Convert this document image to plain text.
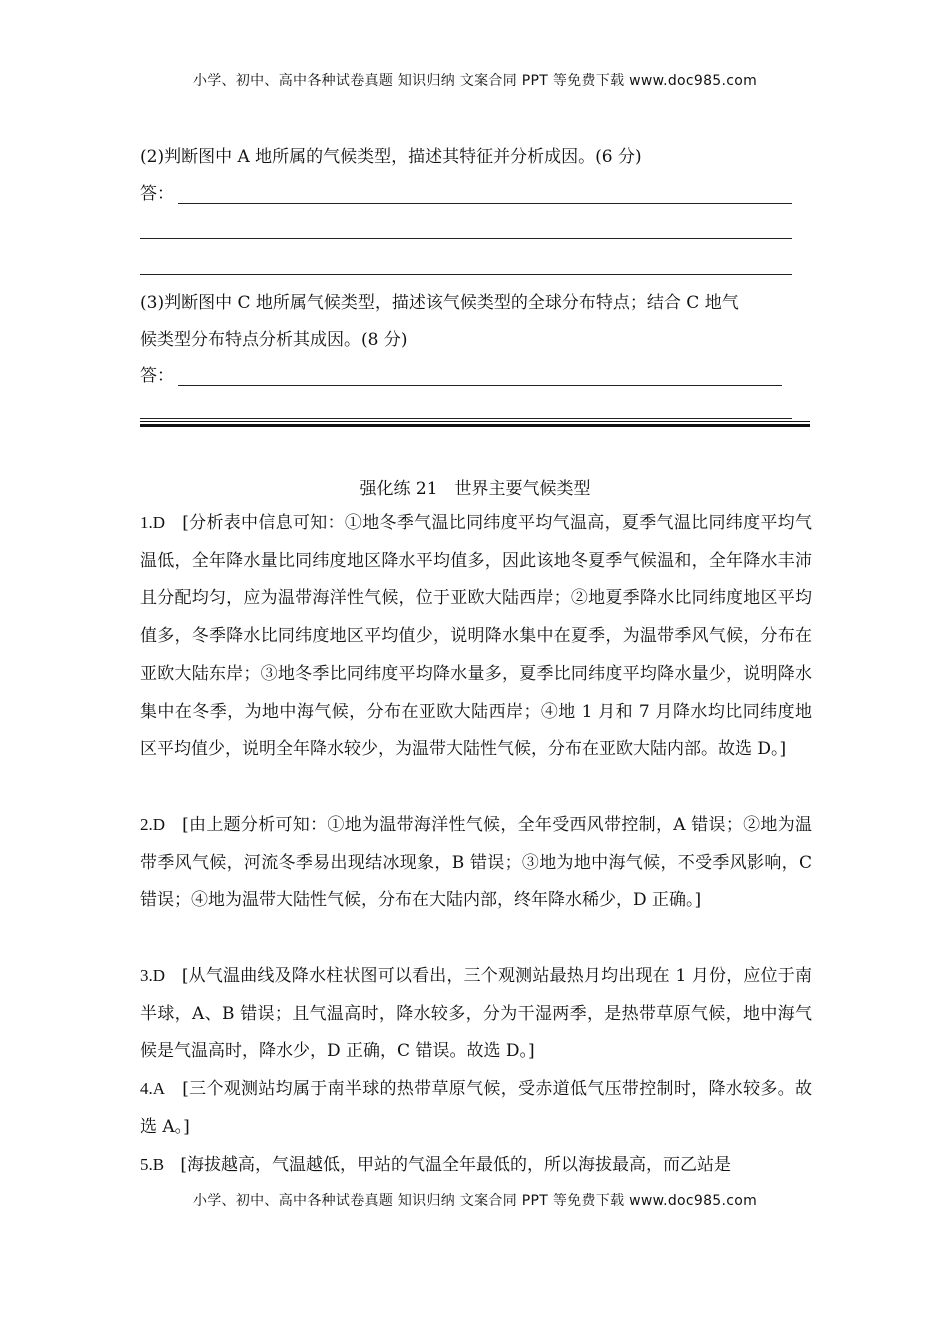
小学、初中、高中各种试卷真题 知识归纳 文案合同 PPT 等免费下载 www.doc985.com
(2)判断图中 A 地所属的气候类型，描述其特征并分析成因。(6 分)
答：
(3)判断图中 C 地所属气候类型，描述该气候类型的全球分布特点；结合 C 地气
候类型分布特点分析其成因。(8 分)
答：
强化练 21　世界主要气候类型
1.D [分析表中信息可知：①地冬季气温比同纬度平均气温高，夏季气温比同纬度平均气温低，全年降水量比同纬度地区降水平均值多，因此该地冬夏季气候温和，全年降水丰沛且分配均匀，应为温带海洋性气候，位于亚欧大陆西岸；②地夏季降水比同纬度地区平均值多，冬季降水比同纬度地区平均值少，说明降水集中在夏季，为温带季风气候，分布在亚欧大陆东岸；③地冬季比同纬度平均降水量多，夏季比同纬度平均降水量少，说明降水集中在冬季，为地中海气候，分布在亚欧大陆西岸；④地 1 月和 7 月降水均比同纬度地区平均值少，说明全年降水较少，为温带大陆性气候，分布在亚欧大陆内部。故选 D。]
2.D [由上题分析可知：①地为温带海洋性气候，全年受西风带控制，A 错误；②地为温带季风气候，河流冬季易出现结冰现象，B 错误；③地为地中海气候，不受季风影响，C 错误；④地为温带大陆性气候，分布在大陆内部，终年降水稀少，D 正确。]
3.D [从气温曲线及降水柱状图可以看出，三个观测站最热月均出现在 1 月份，应位于南半球，A、B 错误；且气温高时，降水较多，分为干湿两季，是热带草原气候，地中海气候是气温高时，降水少，D 正确，C 错误。故选 D。]
4.A [三个观测站均属于南半球的热带草原气候，受赤道低气压带控制时，降水较多。故选 A。]
5.B [海拔越高，气温越低，甲站的气温全年最低的，所以海拔最高，而乙站是
小学、初中、高中各种试卷真题 知识归纳 文案合同 PPT 等免费下载 www.doc985.com
